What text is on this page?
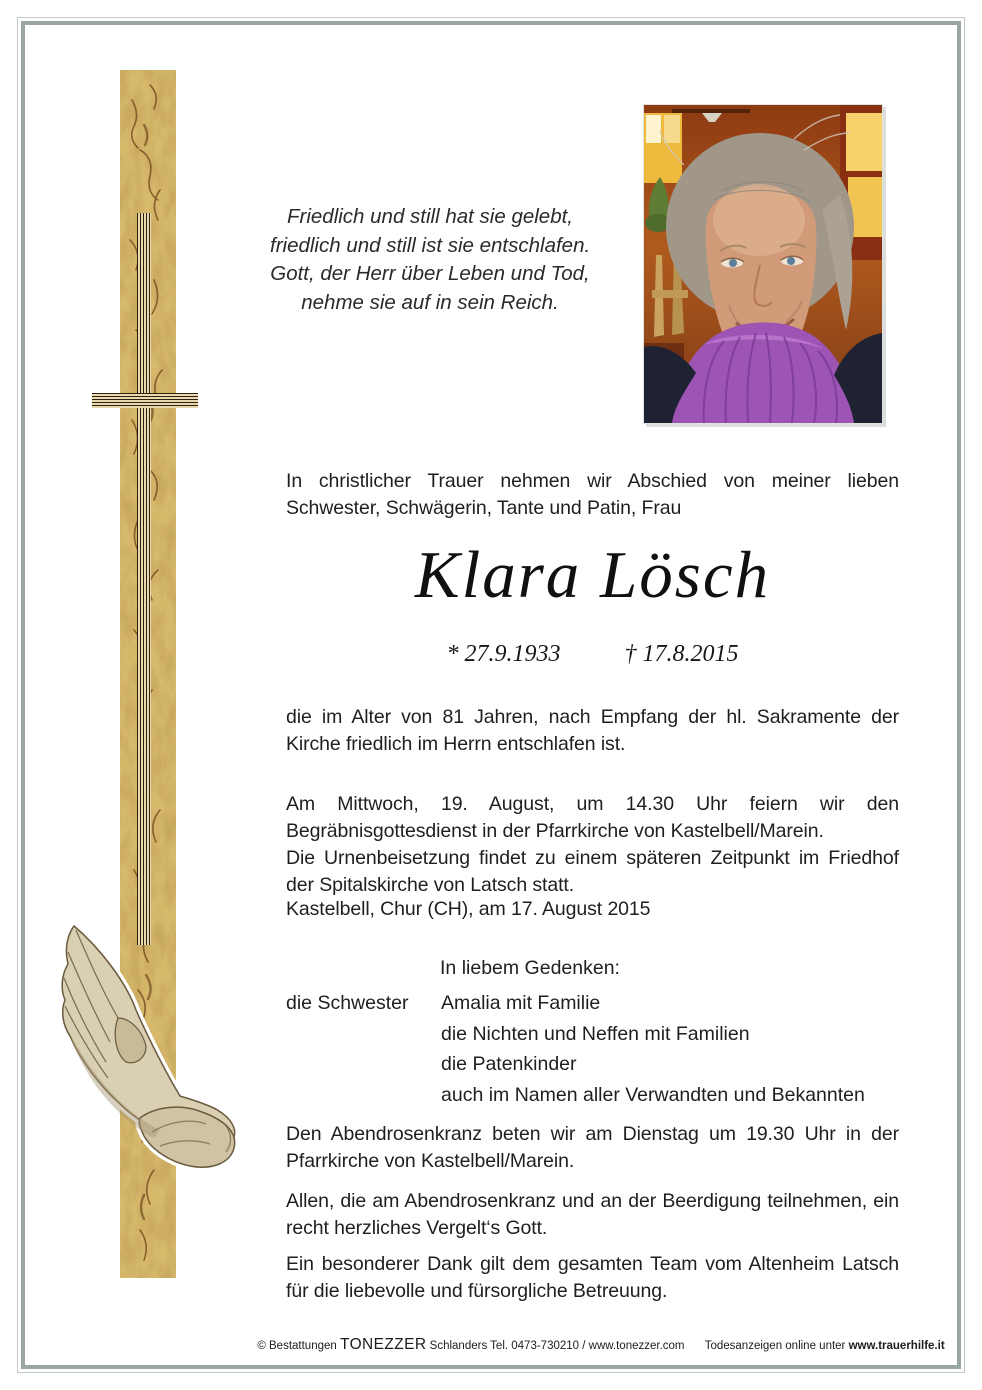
Friedlich und still hat sie gelebt,
friedlich und still ist sie entschlafen.
Gott, der Herr über Leben und Tod,
nehme sie auf in sein Reich.
In christlicher Trauer nehmen wir Abschied von meiner lieben Schwester, Schwägerin, Tante und Patin, Frau
Klara Lösch
* 27.9.1933	† 17.8.2015
die im Alter von 81 Jahren, nach Empfang der hl. Sakramente der Kirche friedlich im Herrn entschlafen ist.
Am Mittwoch, 19. August, um 14.30 Uhr feiern wir den Begräbnisgottesdienst in der Pfarrkirche von Kastelbell/Marein.
Die Urnenbeisetzung findet zu einem späteren Zeitpunkt im Friedhof der Spitalskirche von Latsch statt.
Kastelbell, Chur (CH), am 17. August 2015
In liebem Gedenken:
die Schwester Amalia mit Familie
die Nichten und Neffen mit Familien
die Patenkinder
auch im Namen aller Verwandten und Bekannten
Den Abendrosenkranz beten wir am Dienstag um 19.30 Uhr in der Pfarrkirche von Kastelbell/Marein.
Allen, die am Abendrosenkranz und an der Beerdigung teilnehmen, ein recht herzliches Vergelt‘s Gott.
Ein besonderer Dank gilt dem gesamten Team vom Altenheim Latsch für die liebevolle und fürsorgliche Betreuung.
© Bestattungen TONEZZER Schlanders Tel. 0473-730210 / www.tonezzer.com Todesanzeigen online unter www.trauerhilfe.it
